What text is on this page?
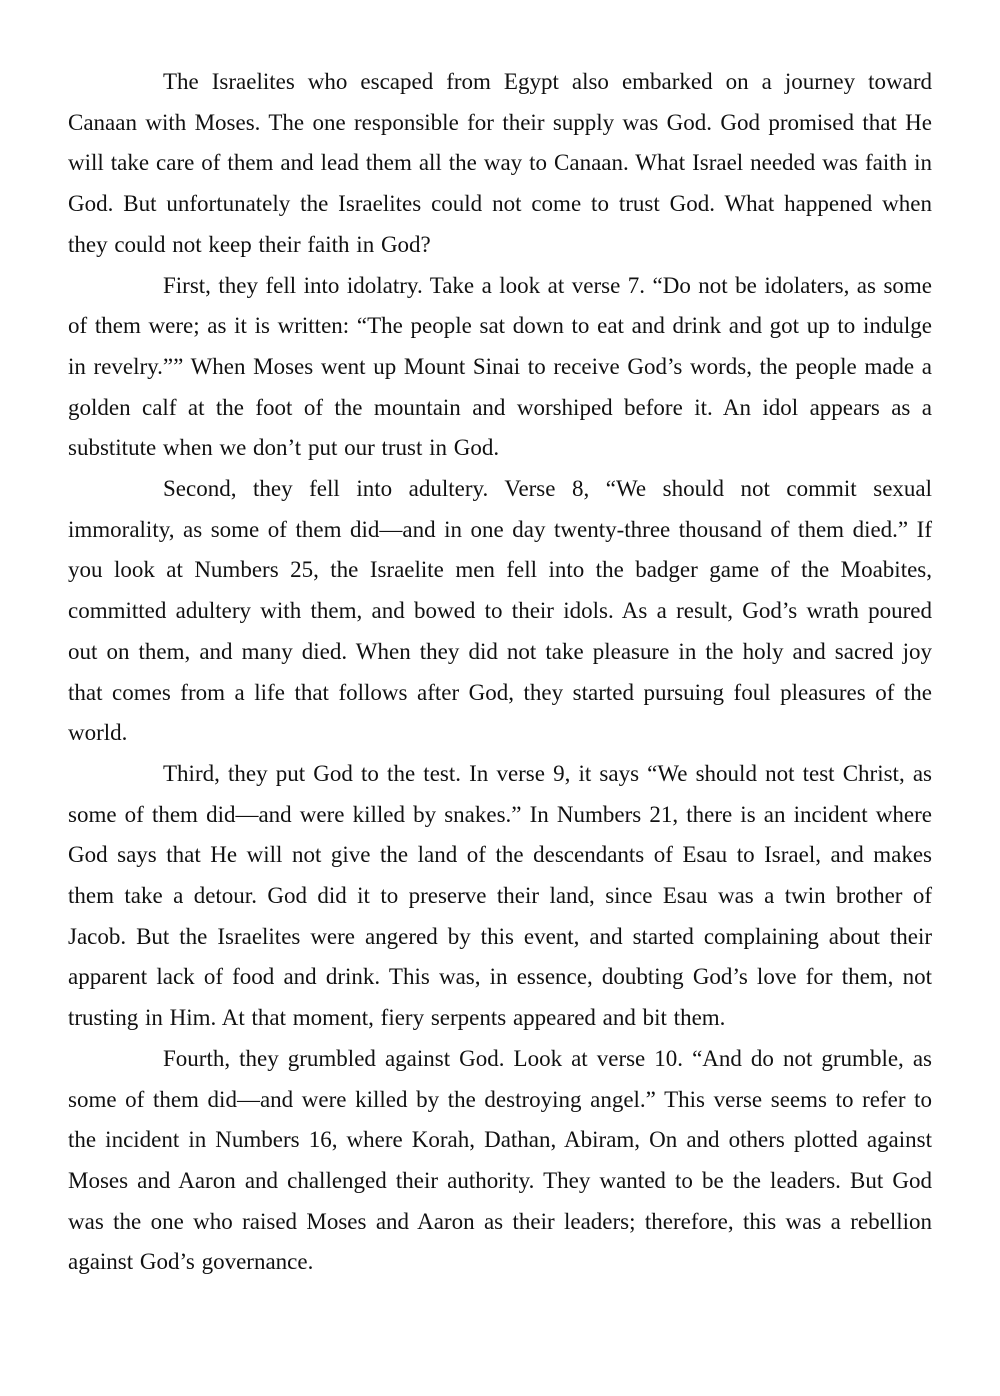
The Israelites who escaped from Egypt also embarked on a journey toward Canaan with Moses. The one responsible for their supply was God. God promised that He will take care of them and lead them all the way to Canaan. What Israel needed was faith in God. But unfortunately the Israelites could not come to trust God. What happened when they could not keep their faith in God?

First, they fell into idolatry. Take a look at verse 7. “Do not be idolaters, as some of them were; as it is written: “The people sat down to eat and drink and got up to indulge in revelry.”” When Moses went up Mount Sinai to receive God’s words, the people made a golden calf at the foot of the mountain and worshiped before it. An idol appears as a substitute when we don’t put our trust in God.

Second, they fell into adultery. Verse 8, “We should not commit sexual immorality, as some of them did—and in one day twenty-three thousand of them died.” If you look at Numbers 25, the Israelite men fell into the badger game of the Moabites, committed adultery with them, and bowed to their idols. As a result, God’s wrath poured out on them, and many died. When they did not take pleasure in the holy and sacred joy that comes from a life that follows after God, they started pursuing foul pleasures of the world.

Third, they put God to the test. In verse 9, it says “We should not test Christ, as some of them did—and were killed by snakes.” In Numbers 21, there is an incident where God says that He will not give the land of the descendants of Esau to Israel, and makes them take a detour. God did it to preserve their land, since Esau was a twin brother of Jacob. But the Israelites were angered by this event, and started complaining about their apparent lack of food and drink. This was, in essence, doubting God’s love for them, not trusting in Him. At that moment, fiery serpents appeared and bit them.

Fourth, they grumbled against God. Look at verse 10. “And do not grumble, as some of them did—and were killed by the destroying angel.” This verse seems to refer to the incident in Numbers 16, where Korah, Dathan, Abiram, On and others plotted against Moses and Aaron and challenged their authority. They wanted to be the leaders. But God was the one who raised Moses and Aaron as their leaders; therefore, this was a rebellion against God’s governance.
